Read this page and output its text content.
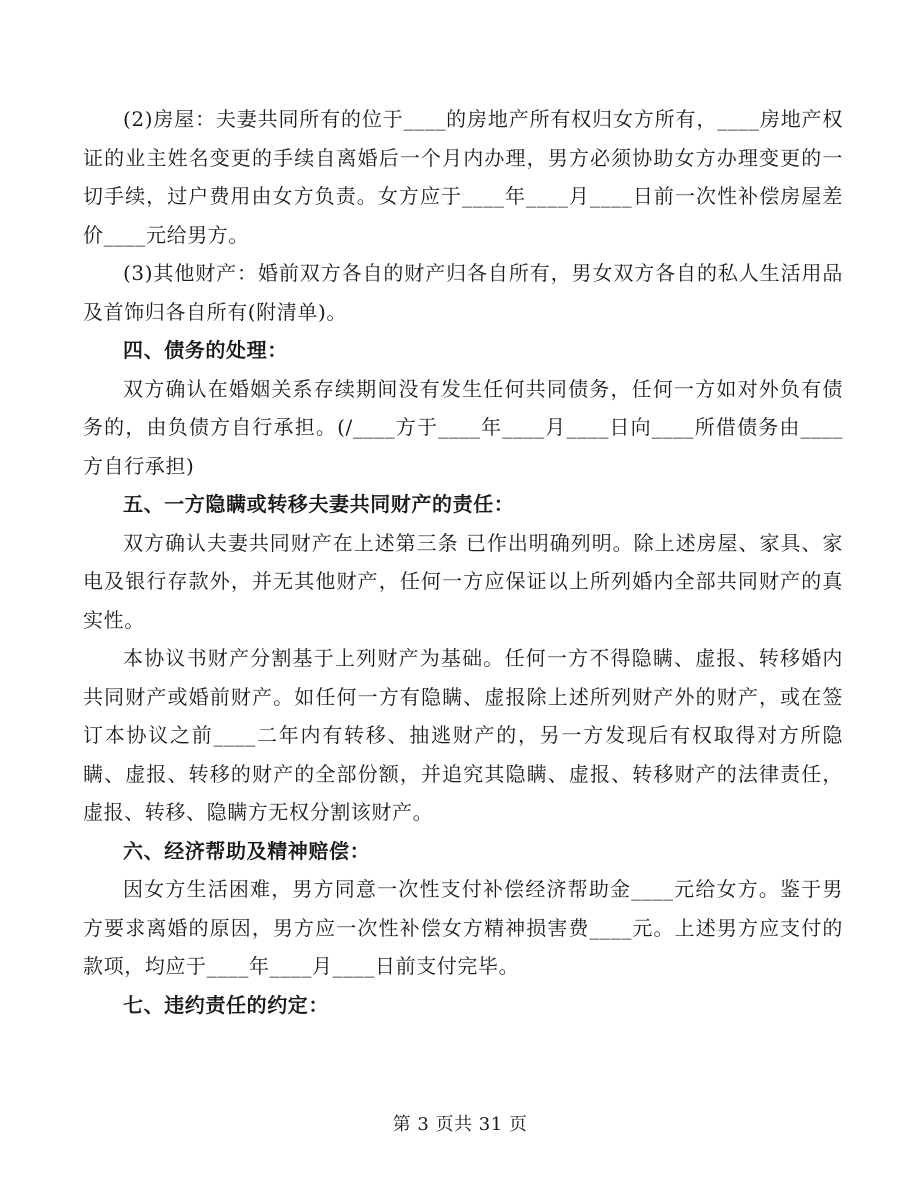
(2)房屋：夫妻共同所有的位于____的房地产所有权归女方所有，____房地产权证的业主姓名变更的手续自离婚后一个月内办理，男方必须协助女方办理变更的一切手续，过户费用由女方负责。女方应于____年____月____日前一次性补偿房屋差价____元给男方。

(3)其他财产：婚前双方各自的财产归各自所有，男女双方各自的私人生活用品及首饰归各自所有(附清单)。

四、债务的处理：

双方确认在婚姻关系存续期间没有发生任何共同债务，任何一方如对外负有债务的，由负债方自行承担。(/____方于____年____月____日向____所借债务由____方自行承担)

五、一方隐瞒或转移夫妻共同财产的责任：

双方确认夫妻共同财产在上述第三条 已作出明确列明。除上述房屋、家具、家电及银行存款外，并无其他财产，任何一方应保证以上所列婚内全部共同财产的真实性。

本协议书财产分割基于上列财产为基础。任何一方不得隐瞒、虚报、转移婚内共同财产或婚前财产。如任何一方有隐瞒、虚报除上述所列财产外的财产，或在签订本协议之前____二年内有转移、抽逃财产的，另一方发现后有权取得对方所隐瞒、虚报、转移的财产的全部份额，并追究其隐瞒、虚报、转移财产的法律责任，虚报、转移、隐瞒方无权分割该财产。

六、经济帮助及精神赔偿：

因女方生活困难，男方同意一次性支付补偿经济帮助金____元给女方。鉴于男方要求离婚的原因，男方应一次性补偿女方精神损害费____元。上述男方应支付的款项，均应于____年____月____日前支付完毕。

七、违约责任的约定：

第 3 页共 31 页
